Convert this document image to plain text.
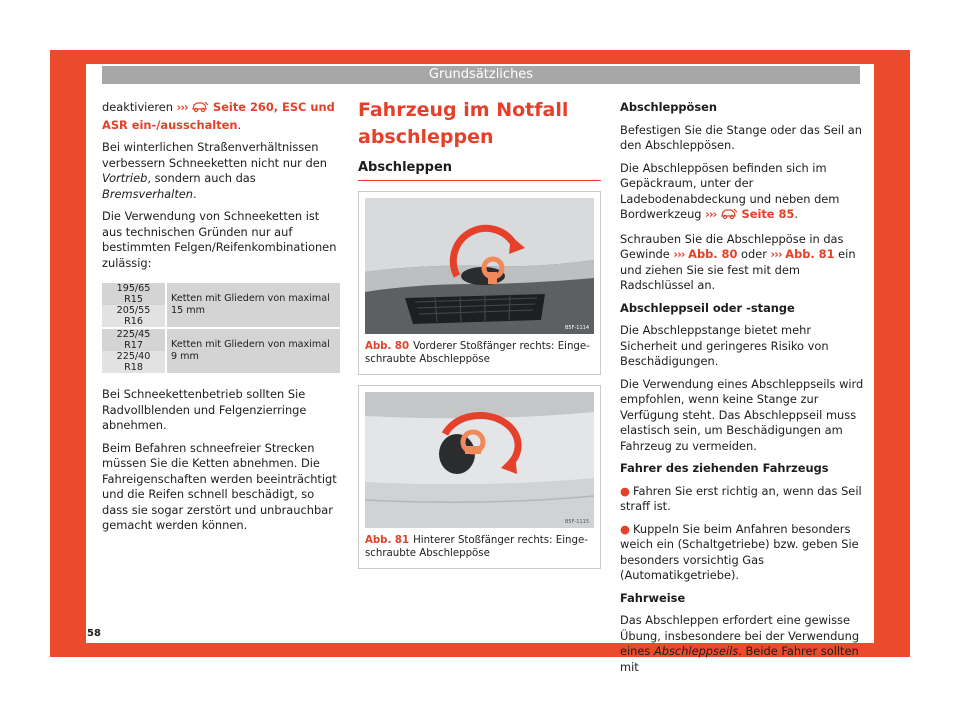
Grundsätzliches

deaktivieren ››› Seite 260, ESC und ASR ein-/ausschalten.

Bei winterlichen Straßenverhältnissen verbessern Schneeketten nicht nur den Vortrieb, sondern auch das Bremsverhalten.

Die Verwendung von Schneeketten ist aus technischen Gründen nur auf bestimmten Felgen/Reifenkombinationen zulässig:

195/65 R15	Ketten mit Gliedern von maximal 15 mm
205/55 R16	

225/45 R17	Ketten mit Gliedern von maximal 9 mm
225/40 R18	

Bei Schneekettenbetrieb sollten Sie Radvollblenden und Felgenzierringe abnehmen.

Beim Befahren schneefreier Strecken müssen Sie die Ketten abnehmen. Die Fahreigenschaften werden beeinträchtigt und die Reifen schnell beschädigt, so dass sie sogar zerstört und unbrauchbar gemacht werden können.

Fahrzeug im Notfall abschleppen
Abschleppen
B5F-1114
Abb. 80 Vorderer Stoßfänger rechts: Eingeschraubte Abschleppöse
B5F-1115
Abb. 81 Hinterer Stoßfänger rechts: Eingeschraubte Abschleppöse

Abschleppösen

Befestigen Sie die Stange oder das Seil an den Abschleppösen.

Die Abschleppösen befinden sich im Gepäckraum, unter der Ladebodenabdeckung und neben dem Bordwerkzeug ››› Seite 85.

Schrauben Sie die Abschleppöse in das Gewinde ››› Abb. 80 oder ››› Abb. 81 ein und ziehen Sie sie fest mit dem Radschlüssel an.

Abschleppseil oder -stange

Die Abschleppstange bietet mehr Sicherheit und geringeres Risiko von Beschädigungen.

Die Verwendung eines Abschleppseils wird empfohlen, wenn keine Stange zur Verfügung steht. Das Abschleppseil muss elastisch sein, um Beschädigungen am Fahrzeug zu vermeiden.

Fahrer des ziehenden Fahrzeugs

● Fahren Sie erst richtig an, wenn das Seil straff ist.

● Kuppeln Sie beim Anfahren besonders weich ein (Schaltgetriebe) bzw. geben Sie besonders vorsichtig Gas (Automatikgetriebe).

Fahrweise

Das Abschleppen erfordert eine gewisse Übung, insbesondere bei der Verwendung eines Abschleppseils. Beide Fahrer sollten mit

58
